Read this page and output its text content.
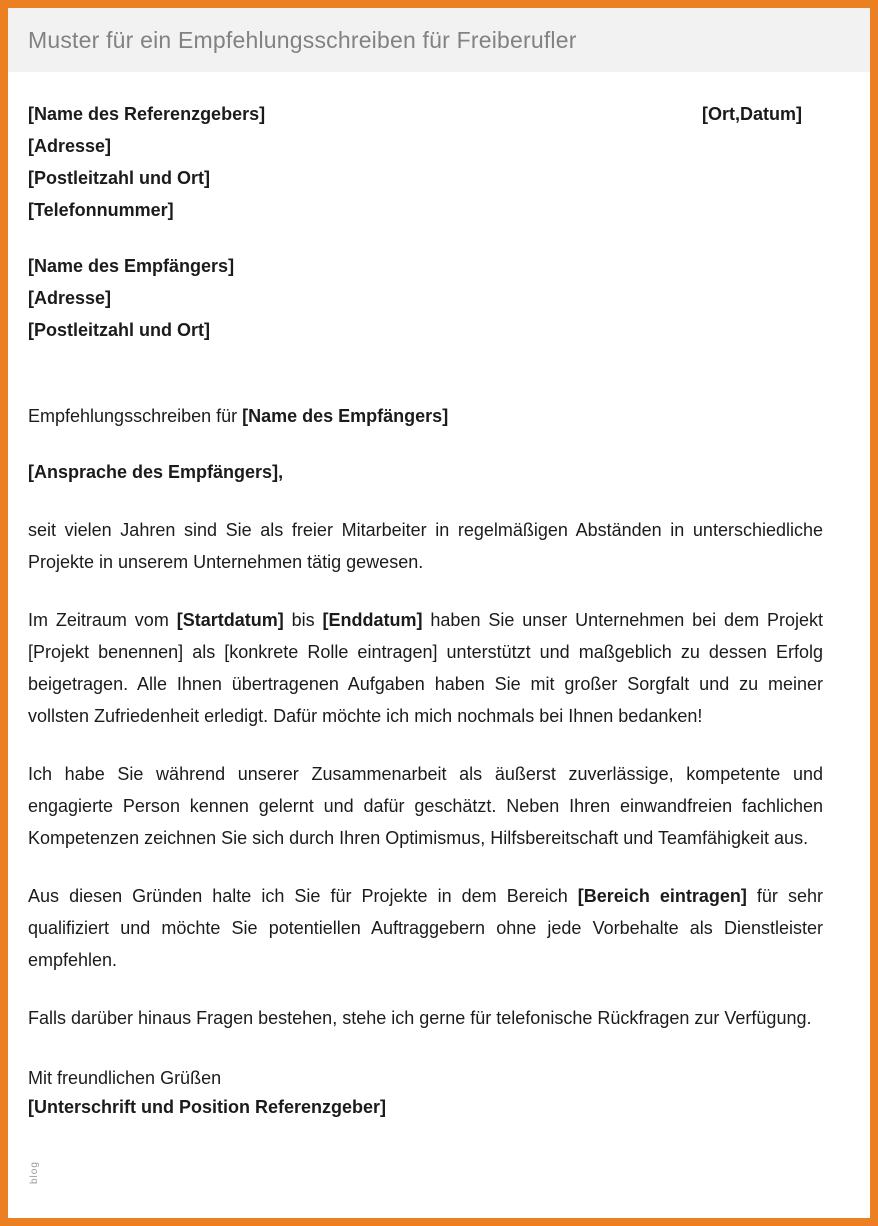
Muster für ein Empfehlungsschreiben für Freiberufler
[Name des Referenzgebers]	[Ort,Datum]
[Adresse]
[Postleitzahl und Ort]
[Telefonnummer]
[Name des Empfängers]
[Adresse]
[Postleitzahl und Ort]
Empfehlungsschreiben für [Name des Empfängers]
[Ansprache des Empfängers],

seit vielen Jahren sind Sie als freier Mitarbeiter in regelmäßigen Abständen in unterschiedliche Projekte in unserem Unternehmen tätig gewesen.

Im Zeitraum vom [Startdatum] bis [Enddatum] haben Sie unser Unternehmen bei dem Projekt [Projekt benennen] als [konkrete Rolle eintragen] unterstützt und maßgeblich zu dessen Erfolg beigetragen. Alle Ihnen übertragenen Aufgaben haben Sie mit großer Sorgfalt und zu meiner vollsten Zufriedenheit erledigt. Dafür möchte ich mich nochmals bei Ihnen bedanken!

Ich habe Sie während unserer Zusammenarbeit als äußerst zuverlässige, kompetente und engagierte Person kennen gelernt und dafür geschätzt. Neben Ihren einwandfreien fachlichen Kompetenzen zeichnen Sie sich durch Ihren Optimismus, Hilfsbereitschaft und Teamfähigkeit aus.

Aus diesen Gründen halte ich Sie für Projekte in dem Bereich [Bereich eintragen] für sehr qualifiziert und möchte Sie potentiellen Auftraggebern ohne jede Vorbehalte als Dienstleister empfehlen.

Falls darüber hinaus Fragen bestehen, stehe ich gerne für telefonische Rückfragen zur Verfügung.

Mit freundlichen Grüßen
[Unterschrift und Position Referenzgeber]
blog
